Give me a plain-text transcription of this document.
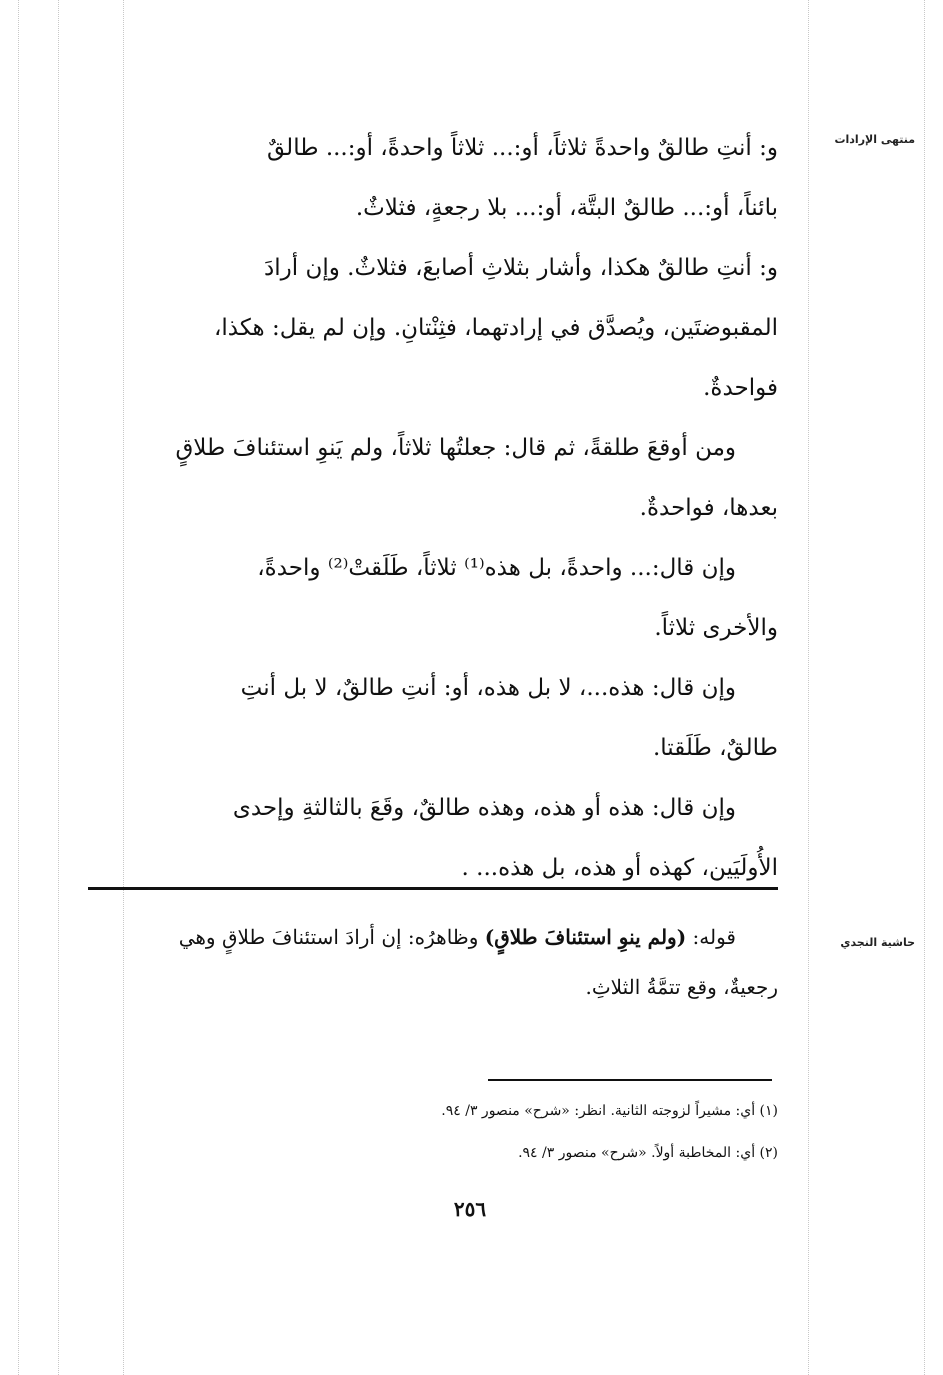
منتهى الإرادات
و: أنتِ طالقٌ واحدةً ثلاثاً، أو:... ثلاثاً واحدةً، أو:... طالقٌ
بائناً، أو:... طالقٌ البتَّة، أو:... بلا رجعةٍ، فثلاثٌ.
و: أنتِ طالقٌ هكذا، وأشار بثلاثِ أصابعَ، فثلاثٌ. وإن أرادَ
المقبوضتَين، ويُصدَّق في إرادتهما، فثِنْتانِ. وإن لم يقل: هكذا،
فواحدةٌ.
ومن أوقعَ طلقةً، ثم قال: جعلتُها ثلاثاً، ولم يَنوِ استئنافَ طلاقٍ
بعدها، فواحدةٌ.
وإن قال:... واحدةً، بل هذه⁽¹⁾ ثلاثاً، طَلَقتْ⁽²⁾ واحدةً،
والأخرى ثلاثاً.
وإن قال: هذه...، لا بل هذه، أو: أنتِ طالقٌ، لا بل أنتِ
طالقٌ، طَلَقتا.
وإن قال: هذه أو هذه، وهذه طالقٌ، وقَعَ بالثالثةِ وإحدى
الأُولَيَين، كهذه أو هذه، بل هذه... .
حاشية النجدي
قوله: (ولم ينوِ استئنافَ طلاقٍ) وظاهرُه: إن أرادَ استئنافَ طلاقٍ وهي
رجعيةٌ، وقع تتمَّةُ الثلاثِ.
(١) أي: مشيراً لزوجته الثانية. انظر: «شرح» منصور ٣/ ٩٤.
(٢) أي: المخاطبة أولاً. «شرح» منصور ٣/ ٩٤.
٢٥٦
